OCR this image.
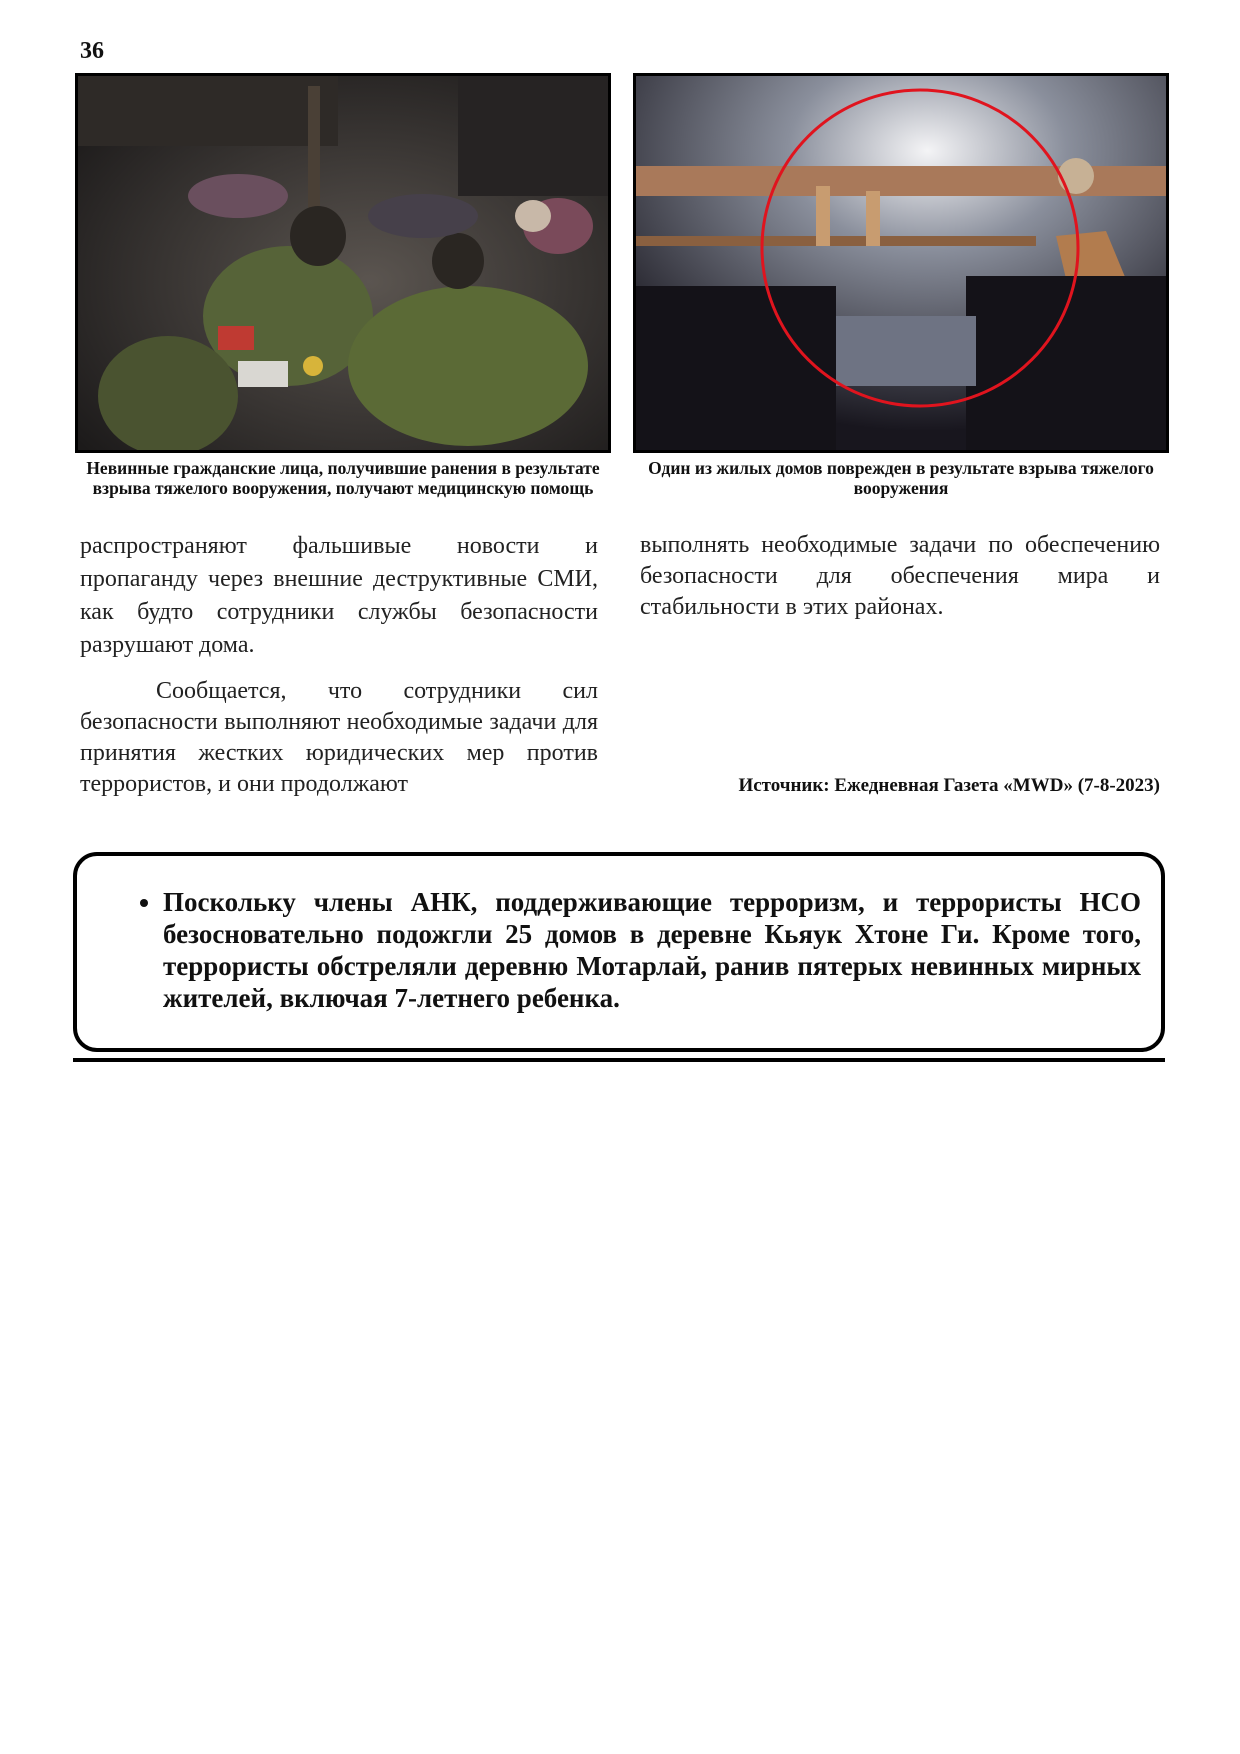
36
Невинные гражданские лица, получившие ранения в результате взрыва тяжелого вооружения, получают медицинскую помощь
Один из жилых домов поврежден в результате взрыва тяжелого вооружения

распространяют фальшивые новости и пропаганду через внешние деструктивные СМИ, как будто сотрудники службы безопасности разрушают дома.

Сообщается, что сотрудники сил безопасности выполняют необходимые задачи для принятия жестких юридических мер против террористов, и они продолжают

выполнять необходимые задачи по обеспечению безопасности для обеспечения мира и стабильности в этих районах.

Источник: Ежедневная Газета «MWD» (7-8-2023)
• Поскольку члены АНК, поддерживающие терроризм, и террористы НСО безосновательно подожгли 25 домов в деревне Кьяук Хтоне Ги. Кроме того, террористы обстреляли деревню Мотарлай, ранив пятерых невинных мирных жителей, включая 7-летнего ребенка.
